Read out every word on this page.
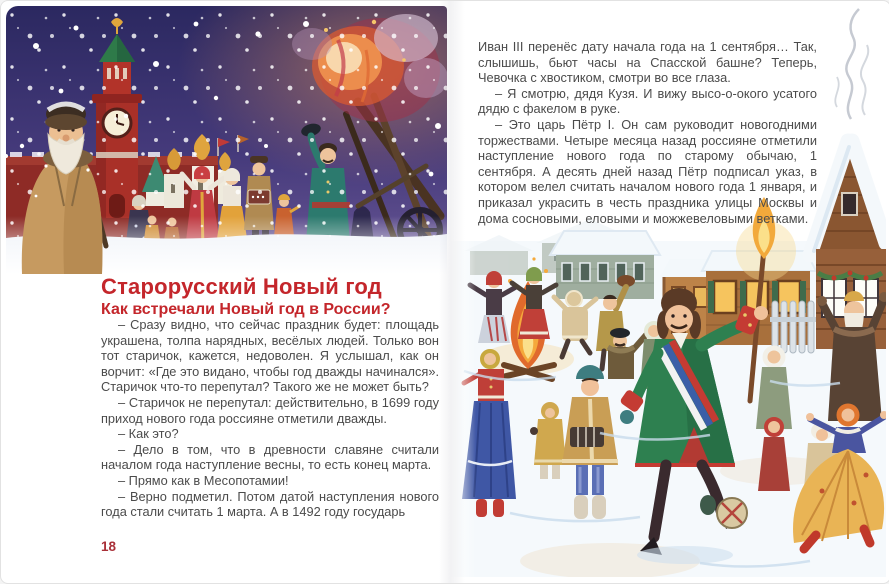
Старорусский Новый год
Как встречали Новый год в России?

– Сразу видно, что сейчас праздник будет: площадь украшена, толпа нарядных, весёлых людей. Только вон тот старичок, кажется, недоволен. Я услышал, как он ворчит: «Где это видано, чтобы год дважды начинался». Старичок что-то перепутал? Такого же не может быть?

– Старичок не перепутал: действительно, в 1699 году приход нового года россияне отметили дважды.

– Как это?

– Дело в том, что в древности славяне считали началом года наступление весны, то есть конец марта.

– Прямо как в Месопотамии!

– Верно подметил. Потом датой наступления нового года стали считать 1 марта. А в 1492 году государь

18

Иван III перенёс дату начала года на 1 сентября… Так, слышишь, бьют часы на Спасской башне? Теперь, Чевочка с хвостиком, смотри во все глаза.

– Я смотрю, дядя Кузя. И вижу высо-о-окого усатого дядю с факелом в руке.

– Это царь Пётр I. Он сам руководит новогодними торжествами. Четыре месяца назад россияне отметили наступление нового года по старому обычаю, 1 сентября. А десять дней назад Пётр подписал указ, в котором велел считать началом нового года 1 января, и приказал украсить в честь праздника улицы Москвы и дома сосновыми, еловыми и можжевеловыми ветками.
